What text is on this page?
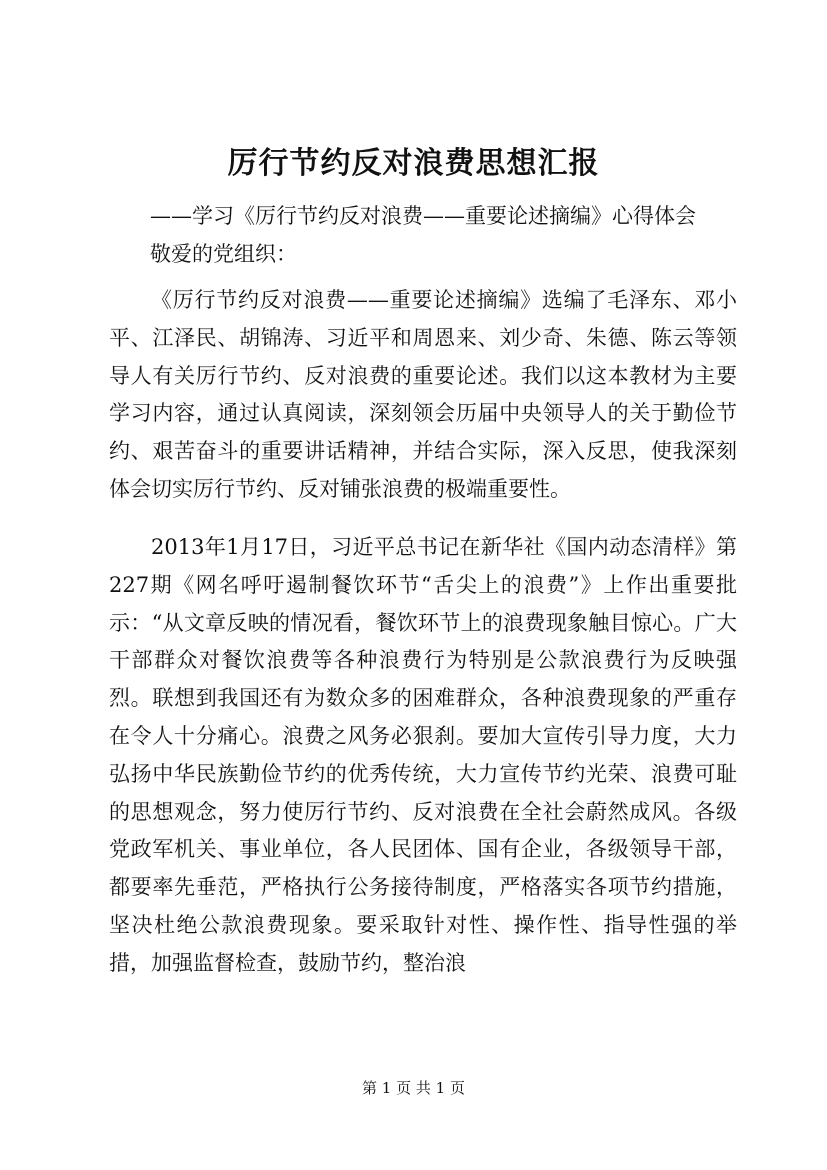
厉行节约反对浪费思想汇报
——学习《厉行节约反对浪费——重要论述摘编》心得体会
敬爱的党组织：

《厉行节约反对浪费——重要论述摘编》选编了毛泽东、邓小平、江泽民、胡锦涛、习近平和周恩来、刘少奇、朱德、陈云等领导人有关厉行节约、反对浪费的重要论述。我们以这本教材为主要学习内容，通过认真阅读，深刻领会历届中央领导人的关于勤俭节约、艰苦奋斗的重要讲话精神，并结合实际，深入反思，使我深刻体会切实厉行节约、反对铺张浪费的极端重要性。

2013年1月17日，习近平总书记在新华社《国内动态清样》第227期《网名呼吁遏制餐饮环节“舌尖上的浪费”》上作出重要批示：“从文章反映的情况看，餐饮环节上的浪费现象触目惊心。广大干部群众对餐饮浪费等各种浪费行为特别是公款浪费行为反映强烈。联想到我国还有为数众多的困难群众，各种浪费现象的严重存在令人十分痛心。浪费之风务必狠刹。要加大宣传引导力度，大力弘扬中华民族勤俭节约的优秀传统，大力宣传节约光荣、浪费可耻的思想观念，努力使厉行节约、反对浪费在全社会蔚然成风。各级党政军机关、事业单位，各人民团体、国有企业，各级领导干部，都要率先垂范，严格执行公务接待制度，严格落实各项节约措施，坚决杜绝公款浪费现象。要采取针对性、操作性、指导性强的举措，加强监督检查，鼓励节约，整治浪

第 1 页 共 1 页
